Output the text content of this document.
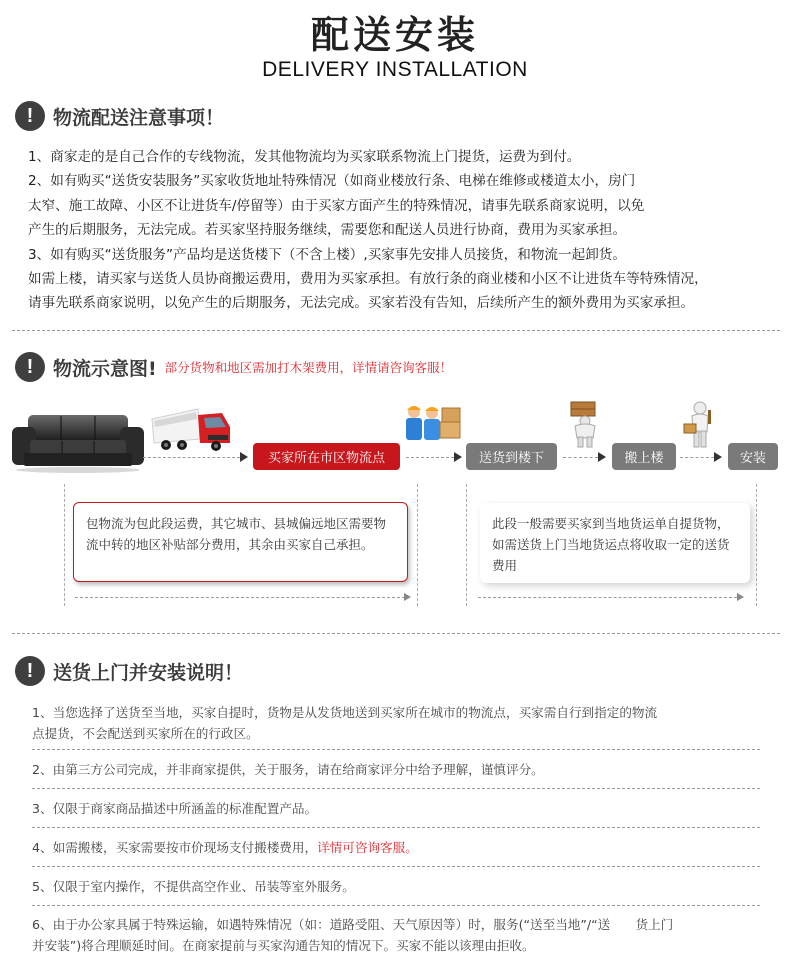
配送安装
DELIVERY INSTALLATION
!	物流配送注意事项！
1、商家走的是自己合作的专线物流，发其他物流均为买家联系物流上门提货，运费为到付。
2、如有购买“送货安装服务”买家收货地址特殊情况（如商业楼放行条、电梯在维修或楼道太小，房门
太窄、施工故障、小区不让进货车/停留等）由于买家方面产生的特殊情况，请事先联系商家说明，以免
产生的后期服务，无法完成。若买家坚持服务继续，需要您和配送人员进行协商，费用为买家承担。
3、如有购买“送货服务”产品均是送货楼下（不含上楼）,买家事先安排人员接货，和物流一起卸货。
如需上楼，请买家与送货人员协商搬运费用，费用为买家承担。有放行条的商业楼和小区不让进货车等特殊情况，
请事先联系商家说明，以免产生的后期服务，无法完成。买家若没有告知，后续所产生的额外费用为买家承担。
!	物流示意图! 部分货物和地区需加打木架费用，详情请咨询客服！
买家所在市区物流点	送货到楼下	搬上楼	安装
包物流为包此段运费，其它城市、县城偏远地区需要物流中转的地区补贴部分费用，其余由买家自己承担。
此段一般需要买家到当地货运单自提货物，如需送货上门当地货运点将收取一定的送货费用
!	送货上门并安装说明！
1、当您选择了送货至当地，买家自提时，货物是从发货地送到买家所在城市的物流点，买家需自行到指定的物流
点提货，不会配送到买家所在的行政区。
2、由第三方公司完成，并非商家提供，关于服务，请在给商家评分中给予理解，谨慎评分。
3、仅限于商家商品描述中所涵盖的标准配置产品。
4、如需搬楼，买家需要按市价现场支付搬楼费用，详情可咨询客服。
5、仅限于室内操作，不提供高空作业、吊装等室外服务。
6、由于办公家具属于特殊运输，如遇特殊情况（如：道路受阻、天气原因等）时，服务(“送至当地”/“送　　货上门
并安装”)将合理顺延时间。在商家提前与买家沟通告知的情况下。买家不能以该理由拒收。
